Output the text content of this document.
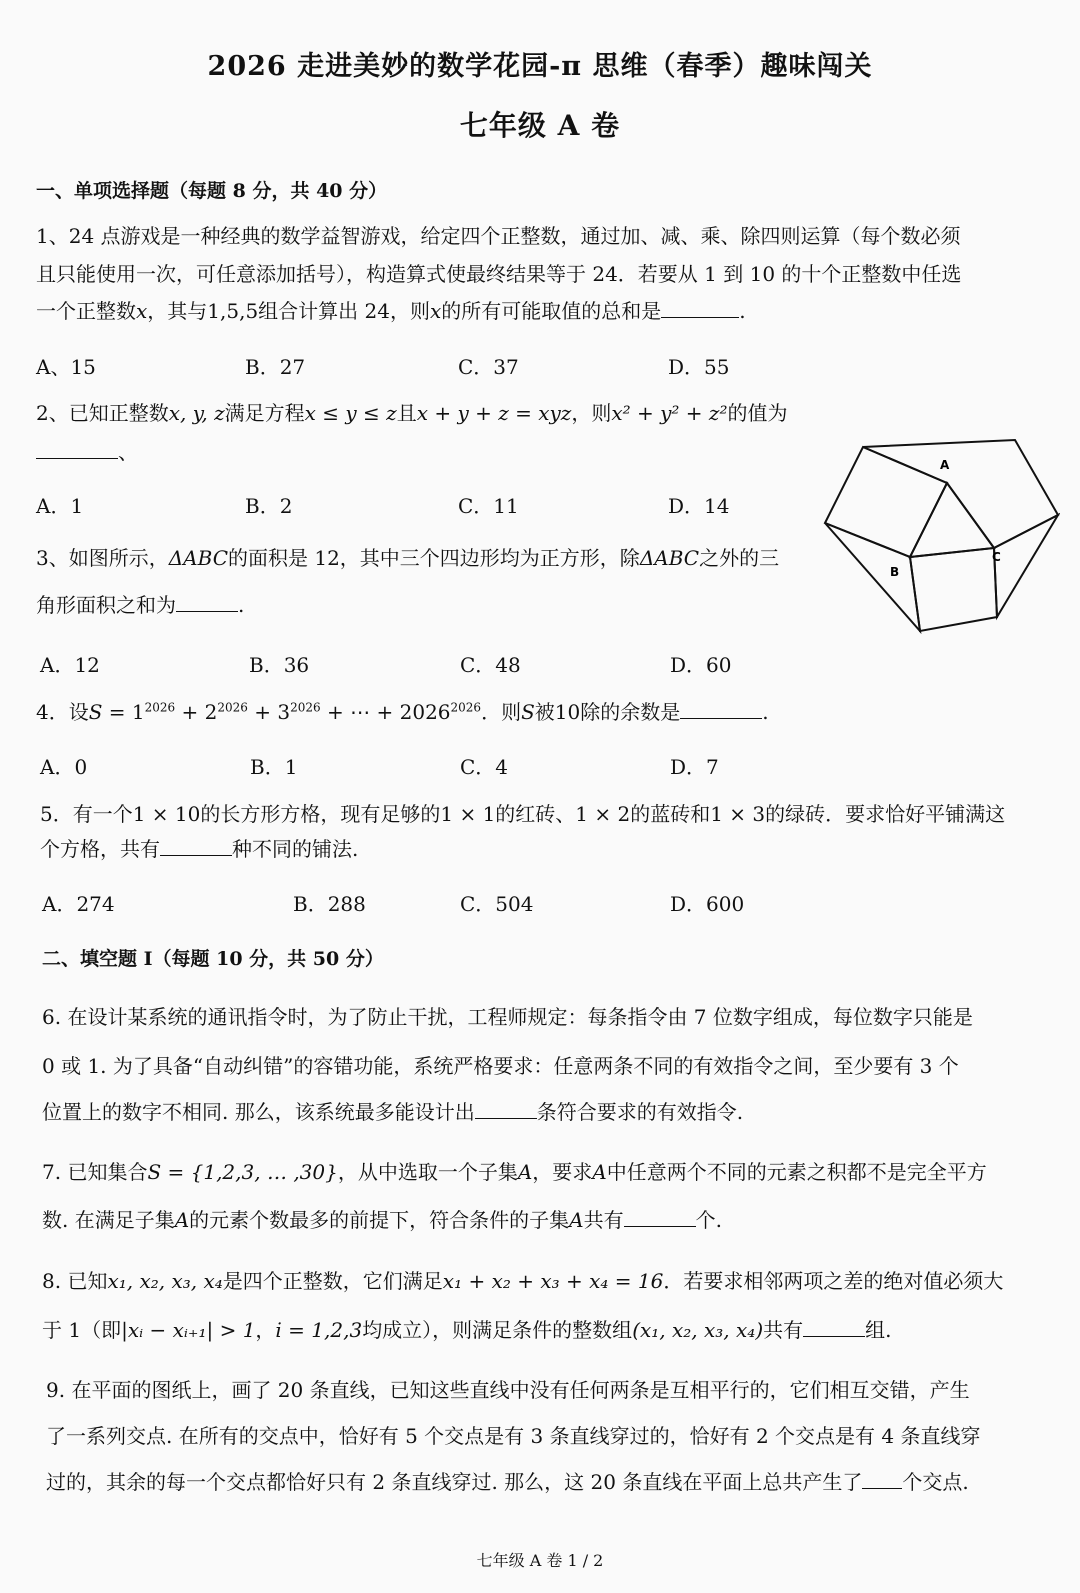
2026 走进美妙的数学花园-π 思维（春季）趣味闯关
七年级 A 卷
一、单项选择题（每题 8 分，共 40 分）
1、24 点游戏是一种经典的数学益智游戏，给定四个正整数，通过加、减、乘、除四则运算（每个数必须
且只能使用一次，可任意添加括号），构造算式使最终结果等于 24．若要从 1 到 10 的十个正整数中任选
一个正整数x，其与1,5,5组合计算出 24，则x的所有可能取值的总和是	.
A、15	B．27	C．37	D．55
2、已知正整数x, y, z满足方程x ≤ y ≤ z且x + y + z = xyz，则x² + y² + z²的值为
、
A．1	B．2	C．11	D．14
A
B
C
3、如图所示，ΔABC的面积是 12，其中三个四边形均为正方形，除ΔABC之外的三
角形面积之和为	.
A．12	B．36	C．48	D．60
4．设$S = 1^{2026} + 2^{2026} + 3^{2026}$ + ⋯ + $2026^{2026}$．则S被10除的余数是	.
A．0	B．1	C．4	D．7
5．有一个1 × 10的长方形方格，现有足够的1 × 1的红砖、1 × 2的蓝砖和1 × 3的绿砖．要求恰好平铺满这
个方格，共有	种不同的铺法.
A．274	B．288	C．504	D．600
二、填空题 I（每题 10 分，共 50 分）
6. 在设计某系统的通讯指令时，为了防止干扰，工程师规定：每条指令由 7 位数字组成，每位数字只能是
0 或 1. 为了具备“自动纠错”的容错功能，系统严格要求：任意两条不同的有效指令之间，至少要有 3 个
位置上的数字不相同. 那么，该系统最多能设计出	条符合要求的有效指令.
7. 已知集合S = {1,2,3, … ,30}，从中选取一个子集A，要求A中任意两个不同的元素之积都不是完全平方
数. 在满足子集A的元素个数最多的前提下，符合条件的子集A共有	个.
8. 已知x₁, x₂, x₃, x₄是四个正整数，它们满足x₁ + x₂ + x₃ + x₄ = 16．若要求相邻两项之差的绝对值必须大
于 1（即|xᵢ − xᵢ₊₁| > 1，i = 1,2,3均成立），则满足条件的整数组(x₁, x₂, x₃, x₄)共有	组.
9. 在平面的图纸上，画了 20 条直线，已知这些直线中没有任何两条是互相平行的，它们相互交错，产生
了一系列交点. 在所有的交点中，恰好有 5 个交点是有 3 条直线穿过的，恰好有 2 个交点是有 4 条直线穿
过的，其余的每一个交点都恰好只有 2 条直线穿过. 那么，这 20 条直线在平面上总共产生了 个交点.
七年级 A 卷 1 / 2
